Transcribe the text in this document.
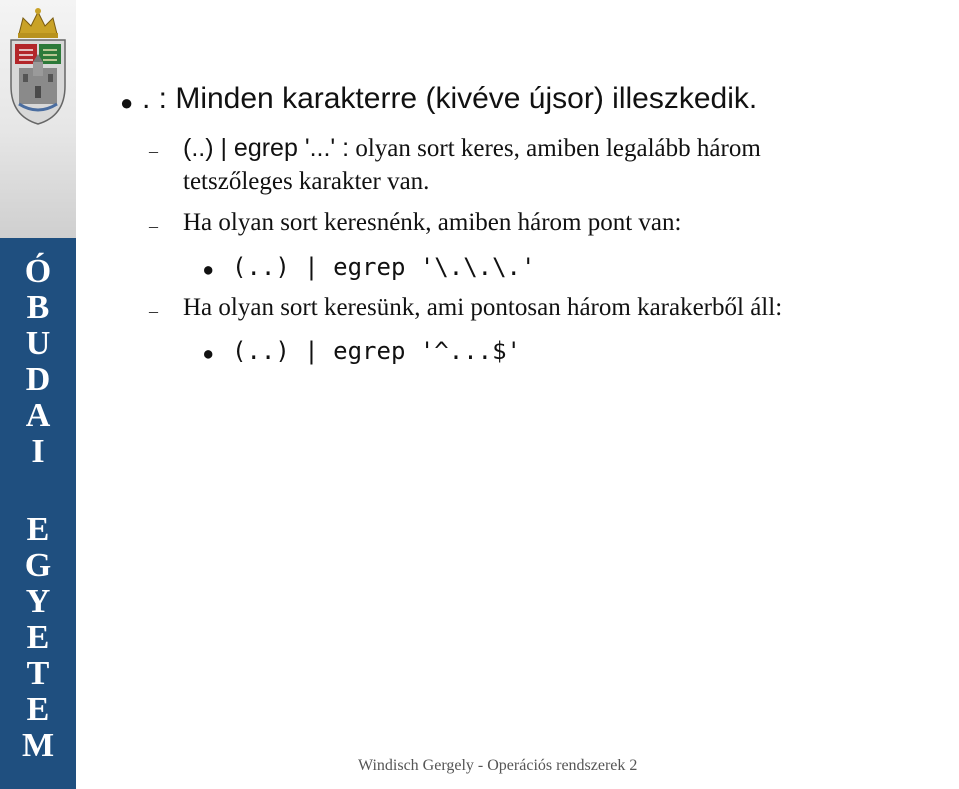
Ó
B
U
D
A
I
E
G
Y
E
T
E
M
● . : Minden karakterre (kivéve újsor) illeszkedik.
– (..) | egrep '...' : olyan sort keres, amiben legalább három
tetszőleges karakter van.
– Ha olyan sort keresnénk, amiben három pont van:
● (..) | egrep '\.\.\.'
– Ha olyan sort keresünk, ami pontosan három karakerből áll:
● (..) | egrep '^...$'
Windisch Gergely - Operációs rendszerek 2
